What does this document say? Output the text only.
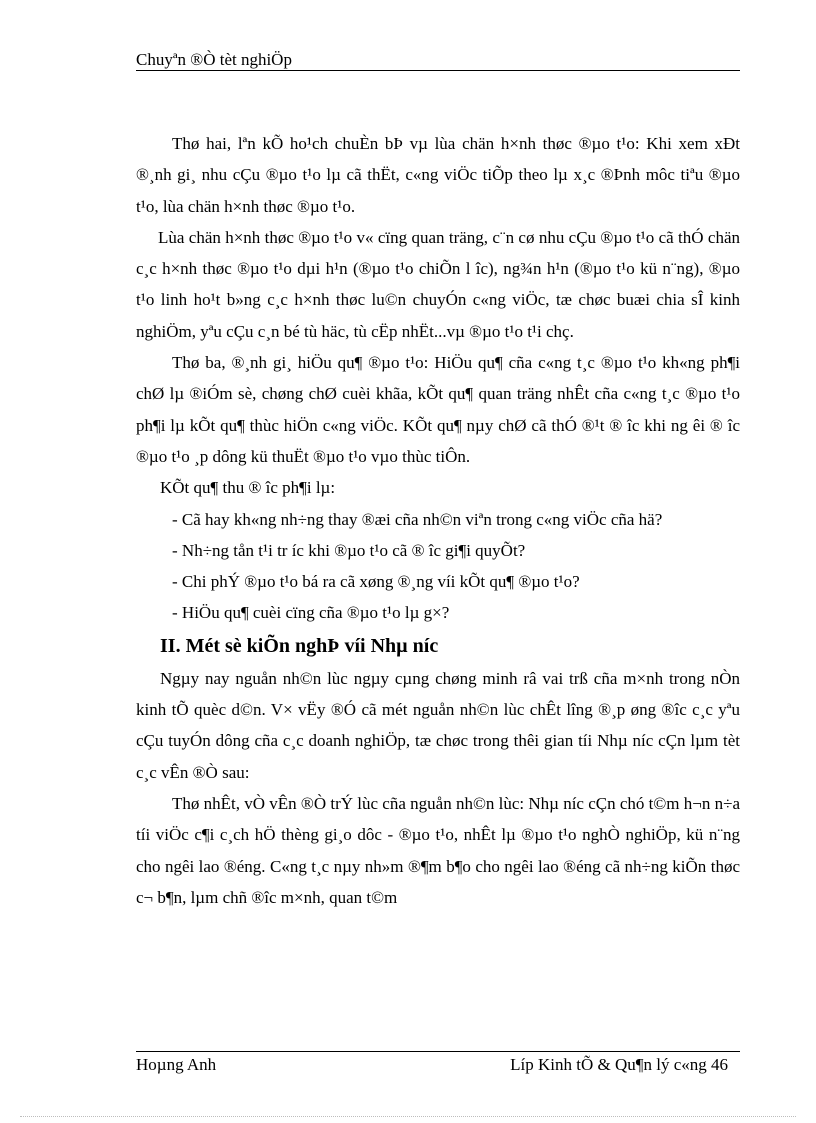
Chuyªn ®Ò tèt nghiÖp

Thø hai, lªn kÕ ho¹ch chuÈn bÞ vµ lùa chän h×nh thøc ®µo t¹o: Khi xem xÐt ®¸nh gi¸ nhu cÇu ®µo t¹o lµ cã thËt, c«ng viÖc tiÕp theo lµ x¸c ®Þnh môc tiªu ®µo t¹o, lùa chän h×nh thøc ®µo t¹o.

Lùa chän h×nh thøc ®µo t¹o v« cïng quan träng, c¨n cø nhu cÇu ®µo t¹o cã thÓ chän c¸c h×nh thøc ®µo t¹o dµi h¹n (®µo t¹o chiÕn l îc), ng¾n h¹n (®µo t¹o kü n¨ng), ®µo t¹o linh ho¹t b»ng c¸c h×nh thøc lu©n chuyÓn c«ng viÖc, tæ chøc buæi chia sÎ kinh nghiÖm, yªu cÇu c¸n bé tù häc, tù cËp nhËt...vµ ®µo t¹o t¹i chç.

Thø ba, ®¸nh gi¸ hiÖu qu¶ ®µo t¹o: HiÖu qu¶ cña c«ng t¸c ®µo t¹o kh«ng ph¶i chØ lµ ®iÓm sè, chøng chØ cuèi khãa, kÕt qu¶ quan träng nhÊt cña c«ng t¸c ®µo t¹o ph¶i lµ kÕt qu¶ thùc hiÖn c«ng viÖc. KÕt qu¶ nµy chØ cã thÓ ®¹t ® îc khi ng êi ® îc ®µo t¹o ¸p dông kü thuËt ®µo t¹o vµo thùc tiÔn.

KÕt qu¶ thu ® îc ph¶i lµ:

- Cã hay kh«ng nh÷ng thay ®æi cña nh©n viªn trong c«ng viÖc cña hä?

- Nh÷ng tån t¹i tr íc khi ®µo t¹o cã ® îc gi¶i quyÕt?

- Chi phÝ ®µo t¹o bá ra cã xøng ®¸ng víi kÕt qu¶ ®µo t¹o?

- HiÖu qu¶ cuèi cïng cña ®µo t¹o lµ g×?

II. Mét sè kiÕn nghÞ víi Nhµ níc

Ngµy nay nguån nh©n lùc ngµy cµng chøng minh râ vai trß cña m×nh trong nÒn kinh tÕ quèc d©n. V× vËy ®Ó cã mét nguån nh©n lùc chÊt lîng ®¸p øng ®îc c¸c yªu cÇu tuyÓn dông cña c¸c doanh nghiÖp, tæ chøc trong thêi gian tíi Nhµ níc cÇn lµm tèt c¸c vÊn ®Ò sau:

Thø nhÊt, vÒ vÊn ®Ò trÝ lùc cña nguån nh©n lùc: Nhµ níc cÇn chó t©m h¬n n÷a tíi viÖc c¶i c¸ch hÖ thèng gi¸o dôc - ®µo t¹o, nhÊt lµ ®µo t¹o nghÒ nghiÖp, kü n¨ng cho ngêi lao ®éng. C«ng t¸c nµy nh»m ®¶m b¶o cho ngêi lao ®éng cã nh÷ng kiÕn thøc c¬ b¶n, lµm chñ ®îc m×nh, quan t©m

Hoµng Anh	Líp Kinh tÕ & Qu¶n lý c«ng 46
